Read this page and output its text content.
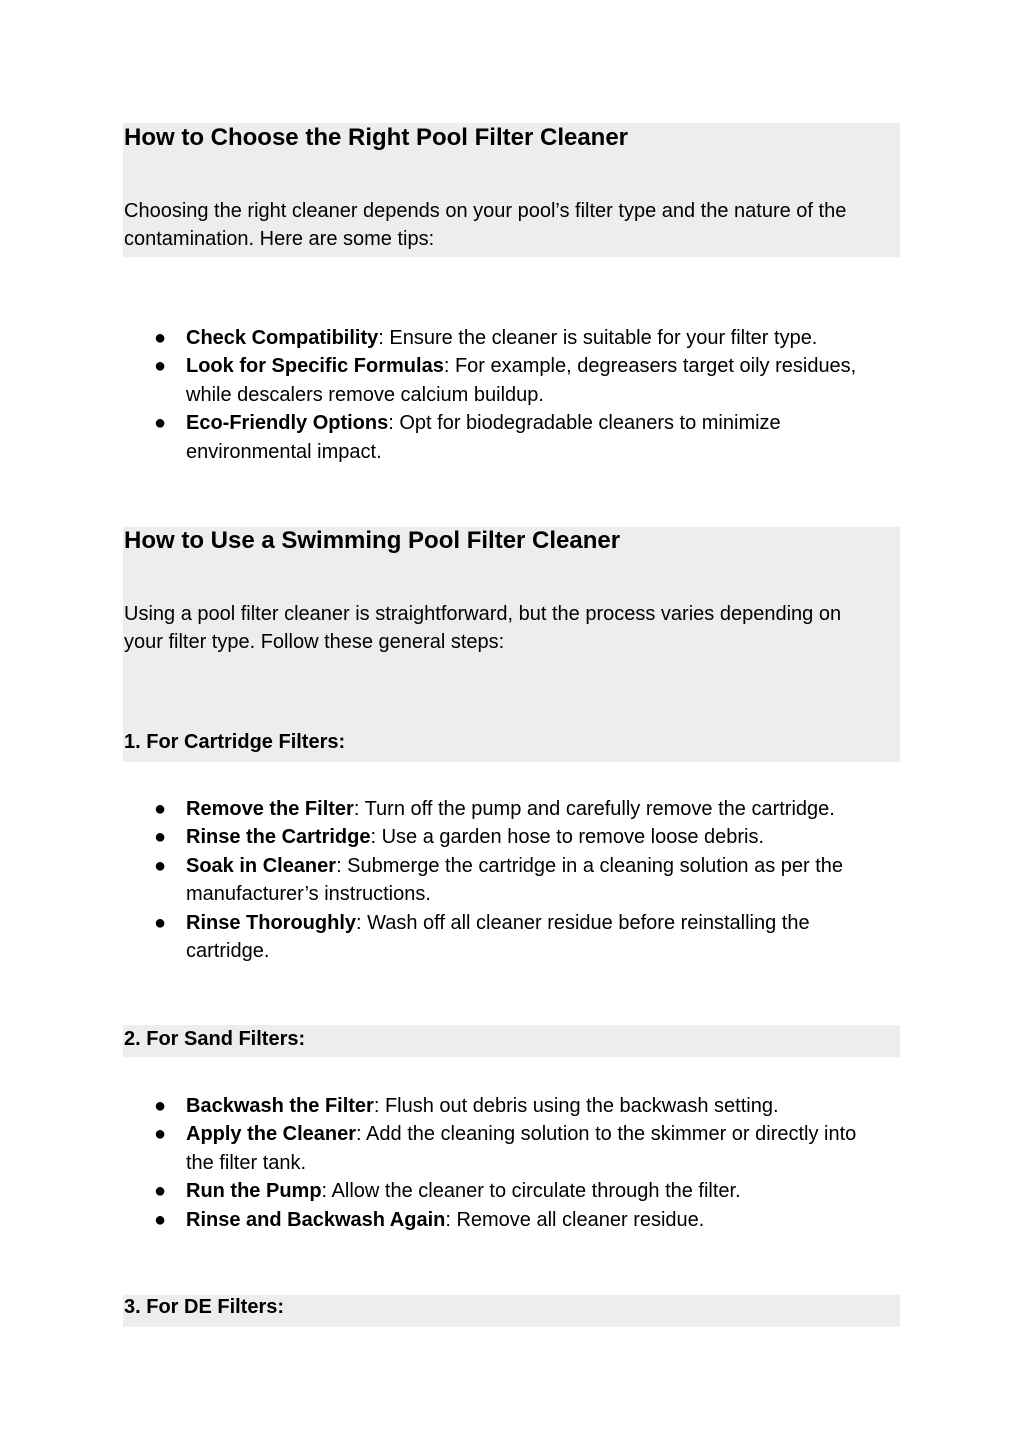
How to Choose the Right Pool Filter Cleaner
Choosing the right cleaner depends on your pool’s filter type and the nature of the
contamination. Here are some tips:
● Check Compatibility: Ensure the cleaner is suitable for your filter type.
● Look for Specific Formulas: For example, degreasers target oily residues,
while descalers remove calcium buildup.
● Eco-Friendly Options: Opt for biodegradable cleaners to minimize
environmental impact.
How to Use a Swimming Pool Filter Cleaner
Using a pool filter cleaner is straightforward, but the process varies depending on
your filter type. Follow these general steps:
1. For Cartridge Filters:
● Remove the Filter: Turn off the pump and carefully remove the cartridge.
● Rinse the Cartridge: Use a garden hose to remove loose debris.
● Soak in Cleaner: Submerge the cartridge in a cleaning solution as per the
manufacturer’s instructions.
● Rinse Thoroughly: Wash off all cleaner residue before reinstalling the
cartridge.
2. For Sand Filters:
● Backwash the Filter: Flush out debris using the backwash setting.
● Apply the Cleaner: Add the cleaning solution to the skimmer or directly into
the filter tank.
● Run the Pump: Allow the cleaner to circulate through the filter.
● Rinse and Backwash Again: Remove all cleaner residue.
3. For DE Filters:
